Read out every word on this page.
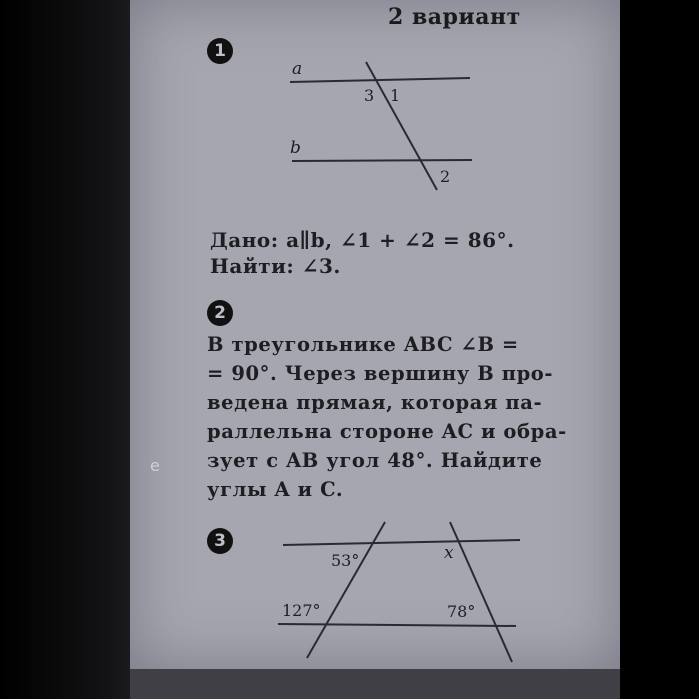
2 вариант
1
2
3
a
b
3 1
2
Дано: a∥b, ∠1 + ∠2 = 86°.
Найти: ∠3.
В треугольнике ABC ∠B =
= 90°. Через вершину B про-
ведена прямая, которая па-
раллельна стороне AC и обра-
зует с AB угол 48°. Найдите
углы A и C.
е
53°	x
127°	78°
